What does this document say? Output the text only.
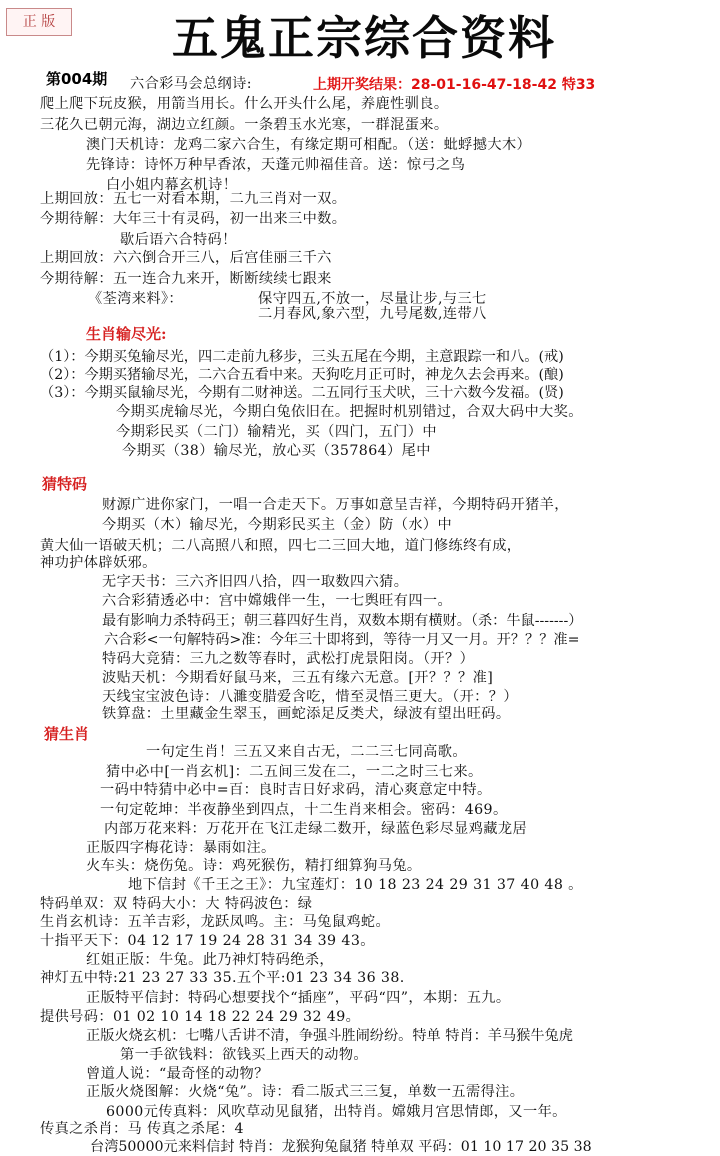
正 版	五鬼正宗综合资料
第004期	上期开奖结果：28-01-16-47-18-42 特33
生肖输尽光:
猜特码
猜生肖
六合彩马会总纲诗:
爬上爬下玩皮猴，用箭当用长。什么开头什么尾，养鹿性驯良。
三花久已朝元海，湖边立红颜。一条碧玉水光寒，一群混蛋来。
澳门天机诗：龙鸡二家六合生，有缘定期可相配。（送：蚍蜉撼大木）
先锋诗：诗怀万种早香浓，天蓬元帅福佳音。送：惊弓之鸟
白小姐内幕玄机诗！
上期回放：五七一对看本期，二九三肖对一双。
今期待解：大年三十有灵码，初一出来三中数。
歇后语六合特码！
上期回放：六六倒合开三八，后宫佳丽三千六
今期待解：五一连合九来开，断断续续七跟来
《荃湾来料》：	保守四五,不放一，尽量让步,与三七
二月春风,象六型，九号尾数,连带八
（1）：今期买兔输尽光，四二走前九移步，三头五尾在今期，主意跟踪一和八。(戒)
（2）：今期买猪输尽光，二六合五看中来。天狗吃月正可时，神龙久去会再来。(酿)
（3）：今期买鼠输尽光，今期有二财神送。二五同行玉犬吠，三十六数今发福。(贤)
今期买虎输尽光，今期白兔依旧在。把握时机别错过，合双大码中大奖。
今期彩民买（二门）输精光，买（四门，五门）中
今期买（38）输尽光，放心买（357864）尾中
财源广进你家门，一唱一合走天下。万事如意呈吉祥，今期特码开猪羊，
今期买（木）输尽光，今期彩民买主（金）防（水）中
黄大仙一语破天机；二八高照八和照，四七二三回大地，道门修练终有成，
神功护体辟妖邪。
无字天书：三六齐旧四八拾，四一取数四六猜。
六合彩猜透必中：宫中嫦娥伴一生，一七舆旺有四一。
最有影响力杀特码王；朝三暮四好生肖，双数本期有横财。（杀：牛鼠-------）
六合彩<一句解特码>准：今年三十即将到，等待一月又一月。开？？？准=
特码大竞猜：三九之数等春时，武松打虎景阳岗。（开？）
波贴天机：今期看好鼠马来，三五有缘六无意。[开？？？准]
天线宝宝波色诗：八濉变腊爱含吃，惜至灵悟三更大。（开：？）
铁算盘：土里藏金生翠玉，画蛇添足反类犬，绿波有望出旺码。
一句定生肖！三五又来自古无，二二三七同高歌。
猜中必中[一肖玄机]：二五间三发在二，一二之时三七来。
一码中特猜中必中=百：良时吉日好求码，清心爽意定中特。
一句定乾坤：半夜静坐到四点，十二生肖来相会。密码：469。
内部万花来料：万花开在飞江走绿二数开，绿蓝色彩尽显鸡藏龙居
正版四字梅花诗：暴雨如注。
火车头：烧伤兔。诗：鸡死猴伤，精打细算狗马兔。
地下信封《千王之王》：九宝莲灯：10 18 23 24 29 31 37 40 48 。
特码单双：双 特码大小：大 特码波色：绿
生肖玄机诗：五羊吉彩，龙跃凤鸣。主：马兔鼠鸡蛇。
十指平天下：04 12 17 19 24 28 31 34 39 43。
红姐正版：牛兔。此乃神灯特码绝杀，
神灯五中特:21 23 27 33 35.五个平:01 23 34 36 38.
正版特平信封：特码心想要找个“插座”，平码“四”，本期：五九。
提供号码：01 02 10 14 18 22 24 29 32 49。
正版火烧玄机：七嘴八舌讲不清，争强斗胜闹纷纷。特单 特肖：羊马猴牛兔虎
第一手欲钱料：欲钱买上西天的动物。
曾道人说：“最奇怪的动物？
正版火烧图解：火烧“兔”。诗：看二版式三三复，单数一五需得注。
6000元传真料：风吹草动见鼠猪，出特肖。嫦娥月宫思情郎，又一年。
传真之杀肖：马 传真之杀尾：4
台湾50000元来料信封 特肖：龙猴狗兔鼠猪 特单双 平码：01 10 17 20 35 38
